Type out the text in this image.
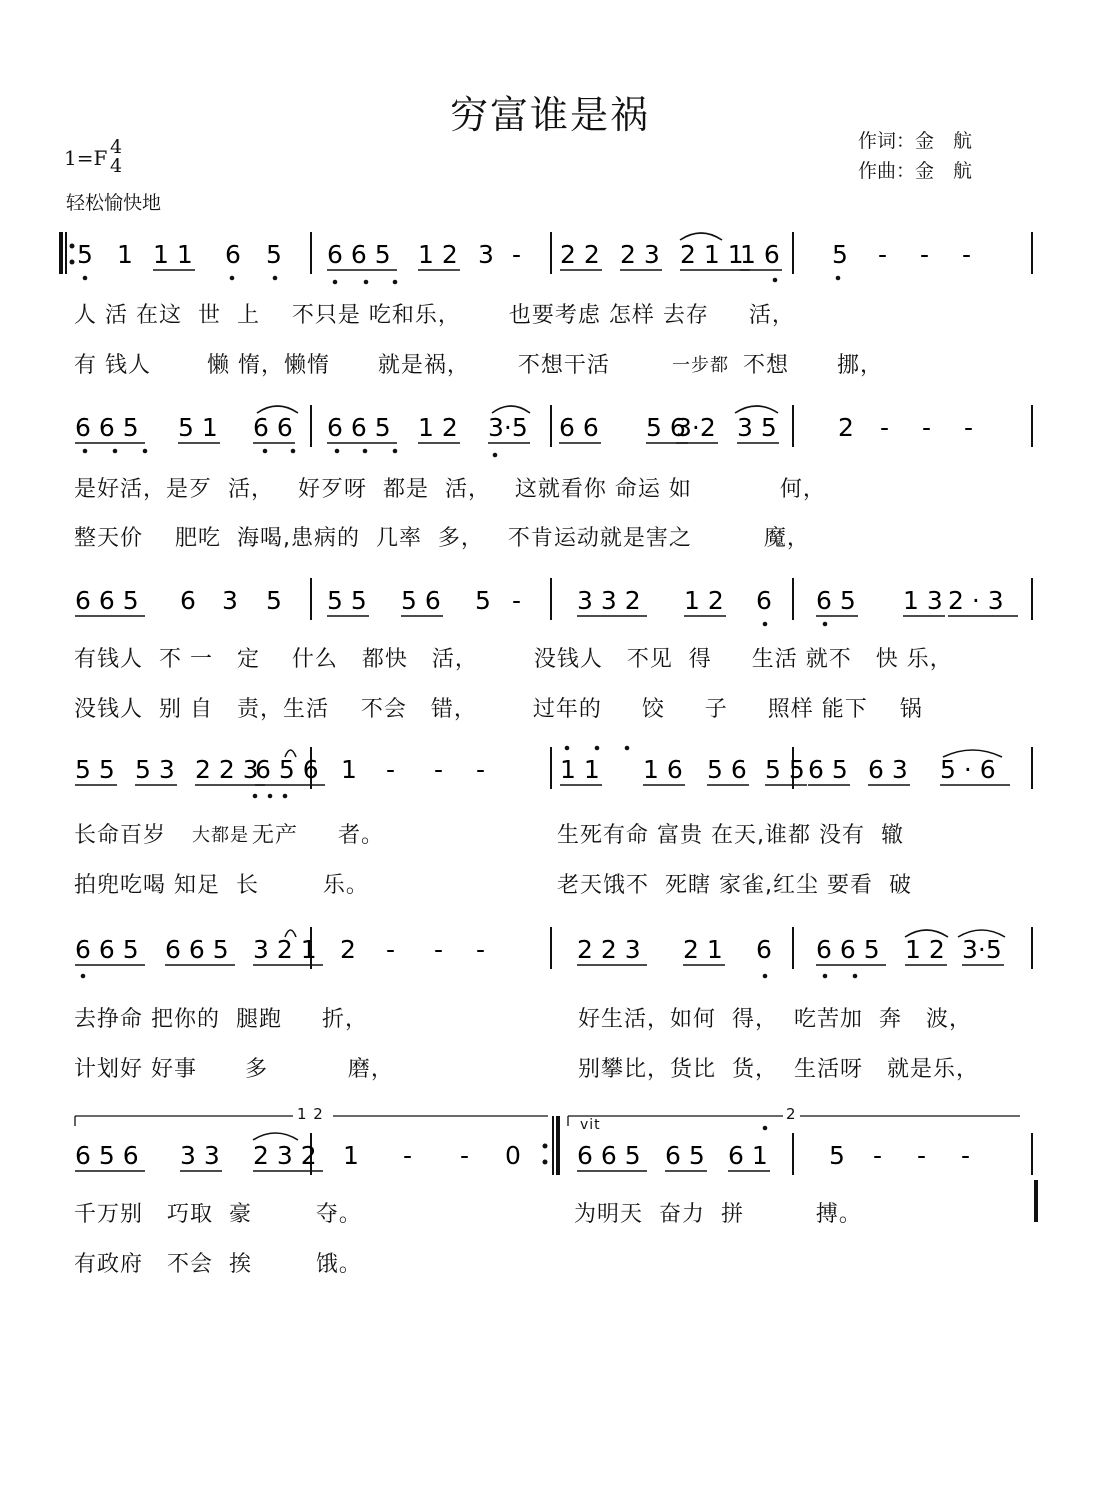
穷富谁是祸
作词：金　航
作曲：金　航
1=F 4
4
轻松愉快地
5 1 1 1 6 5 6 6 5 1 2 3 - 2 2 2 3 2 1 1
1 6 5 - - -
6 6 5 5 1 6 6 6 6 5 1 2 3·5 6 6 5 6
3·2 3 5 2 - - -
6 6 5 6 3 5 5 5 5 6 5 - 3 3 2 1 2 6 6 5 1 3 2 · 3
5 5 5 3 2 2 3
6 5 6 1 - - -	1 1 1 6 5 6 5 5 6 5 6 3 5 · 6
6 6 5 6 6 5 3 2 1 2 - - -	2 2 3 2 1 6 6 6 5 1 2 3·5
6 5 6 3 3 2 3 2 1 - - 0 6 6 5 6 5 6 1 5 - - -
1 2	2
vit
人 活 在这  世  上    不只是 吃和乐，      也要考虑 怎样 去存     活，
有 钱人       懒 惰，懒惰      就是祸，      不想干活	一步都 不想      挪，
是好活，是歹  活，   好歹呀  都是  活，   这就看你 命运 如           何，
整天价    肥吃  海喝,患病的  几率  多，   不肯运动就是害之         魔，
有钱人  不 一   定    什么   都快   活，       没钱人   不见  得     生活 就不   快 乐，
没钱人  别 自   责，生活    不会   错，       过年的     饺     子     照样 能下    锅
长命百岁 大都是 无产     者。	生死有命 富贵 在天,谁都 没有  辙
拍兜吃喝 知足  长        乐。	老天饿不  死瞎 家雀,红尘 要看  破
去挣命 把你的  腿跑     折，	好生活，如何  得，  吃苦加  奔   波，
计划好 好事      多          磨，	别攀比，货比  货，  生活呀   就是乐，
千万别   巧取  豪        夺。	为明天  奋力  拼         搏。
有政府   不会  挨        饿。
